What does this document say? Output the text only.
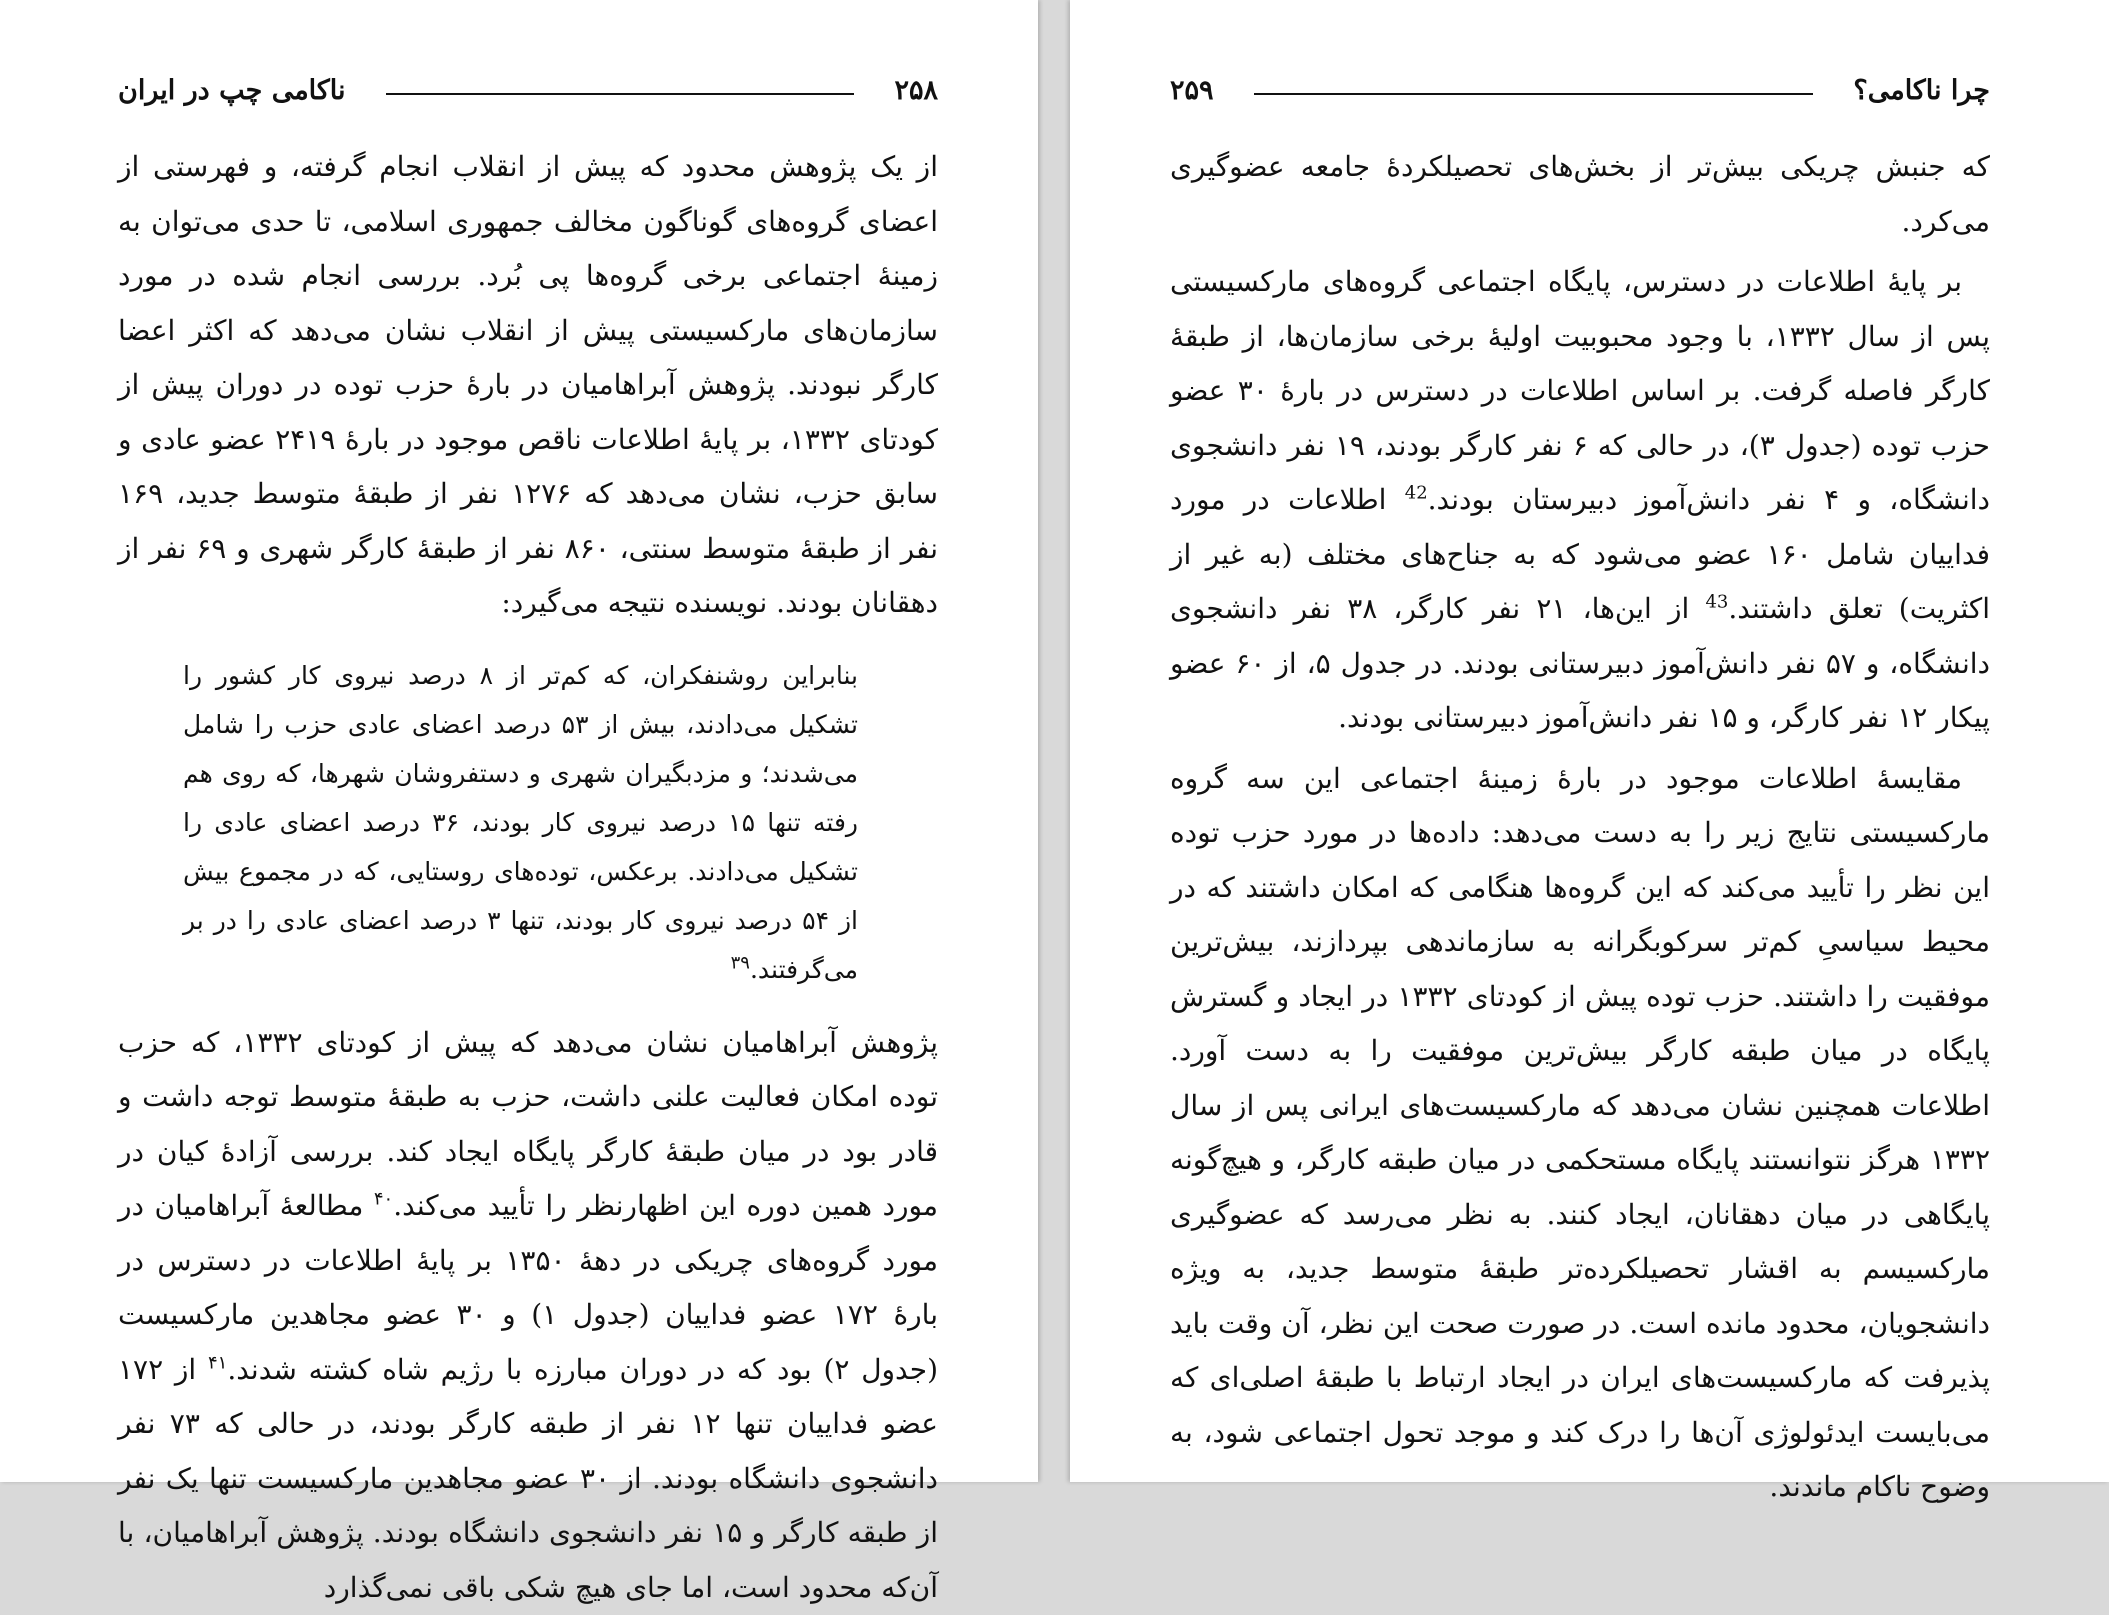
۲۵۸
ناکامی چپ در ایران

از یک پژوهش محدود که پیش از انقلاب انجام گرفته، و فهرستی از اعضای گروه‌های گوناگون مخالف جمهوری اسلامی، تا حدی می‌توان به زمینهٔ اجتماعی برخی گروه‌ها پی بُرد. بررسی انجام شده در مورد سازمان‌های مارکسیستی پیش از انقلاب نشان می‌دهد که اکثر اعضا کارگر نبودند. پژوهش آبراهامیان در بارهٔ حزب توده در دوران پیش از کودتای ۱۳۳۲، بر پایهٔ اطلاعات ناقص موجود در بارهٔ ۲۴۱۹ عضو عادی و سابق حزب، نشان می‌دهد که ۱۲۷۶ نفر از طبقهٔ متوسط جدید، ۱۶۹ نفر از طبقهٔ متوسط سنتی، ۸۶۰ نفر از طبقهٔ کارگر شهری و ۶۹ نفر از دهقانان بودند. نویسنده نتیجه می‌گیرد:

بنابراین روشنفکران، که کم‌تر از ۸ درصد نیروی کار کشور را تشکیل می‌دادند، بیش از ۵۳ درصد اعضای عادی حزب را شامل می‌شدند؛ و مزدبگیران شهری و دستفروشان شهرها، که روی هم رفته تنها ۱۵ درصد نیروی کار بودند، ۳۶ درصد اعضای عادی را تشکیل می‌دادند. برعکس، توده‌های روستایی، که در مجموع بیش از ۵۴ درصد نیروی کار بودند، تنها ۳ درصد اعضای عادی را در بر می‌گرفتند.$^{۳۹}$

پژوهش آبراهامیان نشان می‌دهد که پیش از کودتای ۱۳۳۲، که حزب توده امکان فعالیت علنی داشت، حزب به طبقهٔ متوسط توجه داشت و قادر بود در میان طبقهٔ کارگر پایگاه ایجاد کند. بررسی آزادهٔ کیان در مورد همین دوره این اظهارنظر را تأیید می‌کند.$^{۴۰}$ مطالعهٔ آبراهامیان در مورد گروه‌های چریکی در دههٔ ۱۳۵۰ بر پایهٔ اطلاعات در دسترس در بارهٔ ۱۷۲ عضو فداییان (جدول ۱) و ۳۰ عضو مجاهدین مارکسیست (جدول ۲) بود که در دوران مبارزه با رژیم شاه کشته شدند.$^{۴۱}$ از ۱۷۲ عضو فداییان تنها ۱۲ نفر از طبقه کارگر بودند، در حالی که ۷۳ نفر دانشجوی دانشگاه بودند. از ۳۰ عضو مجاهدین مارکسیست تنها یک نفر از طبقه کارگر و ۱۵ نفر دانشجوی دانشگاه بودند. پژوهش آبراهامیان، با آن‌که محدود است، اما جای هیچ شکی باقی نمی‌گذارد

چرا ناکامی؟
۲۵۹

که جنبش چریکی بیش‌تر از بخش‌های تحصیلکردهٔ جامعه عضوگیری می‌کرد.

بر پایهٔ اطلاعات در دسترس، پایگاه اجتماعی گروه‌های مارکسیستی پس از سال ۱۳۳۲، با وجود محبوبیت اولیهٔ برخی سازمان‌ها، از طبقهٔ کارگر فاصله گرفت. بر اساس اطلاعات در دسترس در بارهٔ ۳۰ عضو حزب توده (جدول ۳)، در حالی که ۶ نفر کارگر بودند، ۱۹ نفر دانشجوی دانشگاه، و ۴ نفر دانش‌آموز دبیرستان بودند.$^{42}$ اطلاعات در مورد فداییان شامل ۱۶۰ عضو می‌شود که به جناح‌های مختلف (به غیر از اکثریت) تعلق داشتند.$^{43}$ از این‌ها، ۲۱ نفر کارگر، ۳۸ نفر دانشجوی دانشگاه، و ۵۷ نفر دانش‌آموز دبیرستانی بودند. در جدول ۵، از ۶۰ عضو پیکار ۱۲ نفر کارگر، و ۱۵ نفر دانش‌آموز دبیرستانی بودند.

مقایسهٔ اطلاعات موجود در بارهٔ زمینهٔ اجتماعی این سه گروه مارکسیستی نتایج زیر را به دست می‌دهد: داده‌ها در مورد حزب توده این نظر را تأیید می‌کند که این گروه‌ها هنگامی که امکان داشتند که در محیط سیاسیِ کم‌تر سرکوبگرانه به سازماندهی بپردازند، بیش‌ترین موفقیت را داشتند. حزب توده پیش از کودتای ۱۳۳۲ در ایجاد و گسترش پایگاه در میان طبقه کارگر بیش‌ترین موفقیت را به دست آورد. اطلاعات همچنین نشان می‌دهد که مارکسیست‌های ایرانی پس از سال ۱۳۳۲ هرگز نتوانستند پایگاه مستحکمی در میان طبقه کارگر، و هیچ‌گونه پایگاهی در میان دهقانان، ایجاد کنند. به نظر می‌رسد که عضوگیری مارکسیسم به اقشار تحصیلکرده‌تر طبقهٔ متوسط جدید، به ویژه دانشجویان، محدود مانده است. در صورت صحت این نظر، آن وقت باید پذیرفت که مارکسیست‌های ایران در ایجاد ارتباط با طبقهٔ اصلی‌ای که می‌بایست ایدئولوژی آن‌ها را درک کند و موجد تحول اجتماعی شود، به وضوح ناکام ماندند.
